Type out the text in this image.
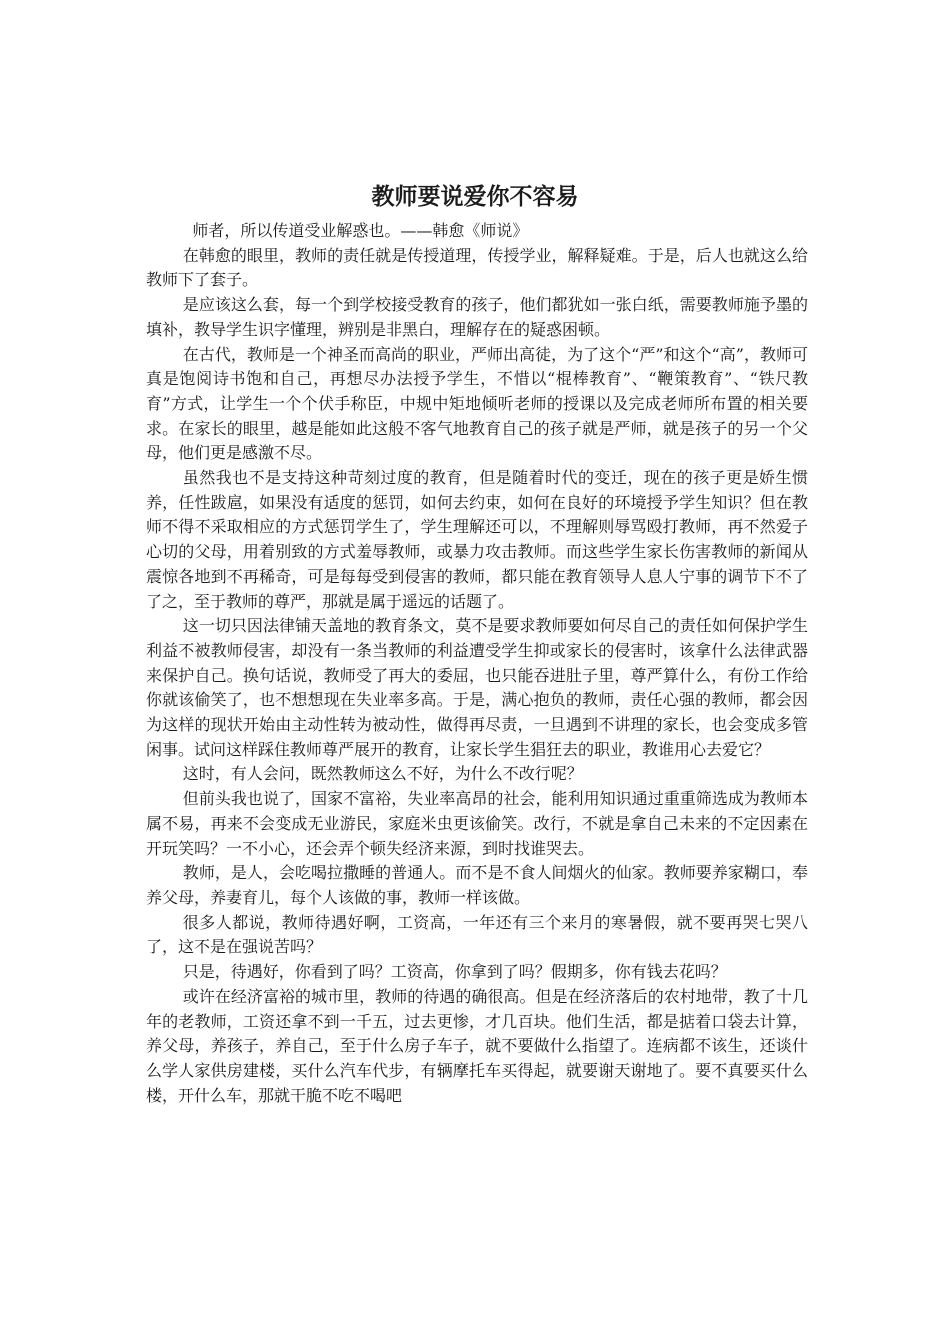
教师要说爱你不容易

师者，所以传道受业解惑也。——韩愈《师说》

在韩愈的眼里，教师的责任就是传授道理，传授学业，解释疑难。于是，后人也就这么给教师下了套子。

是应该这么套，每一个到学校接受教育的孩子，他们都犹如一张白纸，需要教师施予墨的填补，教导学生识字懂理，辨别是非黑白，理解存在的疑惑困顿。

在古代，教师是一个神圣而高尚的职业，严师出高徒，为了这个“严”和这个“高”，教师可真是饱阅诗书饱和自己，再想尽办法授予学生，不惜以“棍棒教育”、“鞭策教育”、“铁尺教育”方式，让学生一个个伏手称臣，中规中矩地倾听老师的授课以及完成老师所布置的相关要求。在家长的眼里，越是能如此这般不客气地教育自己的孩子就是严师，就是孩子的另一个父母，他们更是感激不尽。

虽然我也不是支持这种苛刻过度的教育，但是随着时代的变迁，现在的孩子更是娇生惯养，任性跋扈，如果没有适度的惩罚，如何去约束，如何在良好的环境授予学生知识？但在教师不得不采取相应的方式惩罚学生了，学生理解还可以，不理解则辱骂殴打教师，再不然爱子心切的父母，用着别致的方式羞辱教师，或暴力攻击教师。而这些学生家长伤害教师的新闻从震惊各地到不再稀奇，可是每每受到侵害的教师，都只能在教育领导人息人宁事的调节下不了了之，至于教师的尊严，那就是属于遥远的话题了。

这一切只因法律铺天盖地的教育条文，莫不是要求教师要如何尽自己的责任如何保护学生利益不被教师侵害，却没有一条当教师的利益遭受学生抑或家长的侵害时，该拿什么法律武器来保护自己。换句话说，教师受了再大的委屈，也只能吞进肚子里，尊严算什么，有份工作给你就该偷笑了，也不想想现在失业率多高。于是，满心抱负的教师，责任心强的教师，都会因为这样的现状开始由主动性转为被动性，做得再尽责，一旦遇到不讲理的家长，也会变成多管闲事。试问这样踩住教师尊严展开的教育，让家长学生猖狂去的职业，教谁用心去爱它？

这时，有人会问，既然教师这么不好，为什么不改行呢？

但前头我也说了，国家不富裕，失业率高昂的社会，能利用知识通过重重筛选成为教师本属不易，再来不会变成无业游民，家庭米虫更该偷笑。改行，不就是拿自己未来的不定因素在开玩笑吗？一不小心，还会弄个顿失经济来源，到时找谁哭去。

教师，是人，会吃喝拉撒睡的普通人。而不是不食人间烟火的仙家。教师要养家糊口，奉养父母，养妻育儿，每个人该做的事，教师一样该做。

很多人都说，教师待遇好啊，工资高，一年还有三个来月的寒暑假，就不要再哭七哭八了，这不是在强说苦吗？

只是，待遇好，你看到了吗？工资高，你拿到了吗？假期多，你有钱去花吗？

或许在经济富裕的城市里，教师的待遇的确很高。但是在经济落后的农村地带，教了十几年的老教师，工资还拿不到一千五，过去更惨，才几百块。他们生活，都是掂着口袋去计算，养父母，养孩子，养自己，至于什么房子车子，就不要做什么指望了。连病都不该生，还谈什么学人家供房建楼，买什么汽车代步，有辆摩托车买得起，就要谢天谢地了。要不真要买什么楼，开什么车，那就干脆不吃不喝吧
